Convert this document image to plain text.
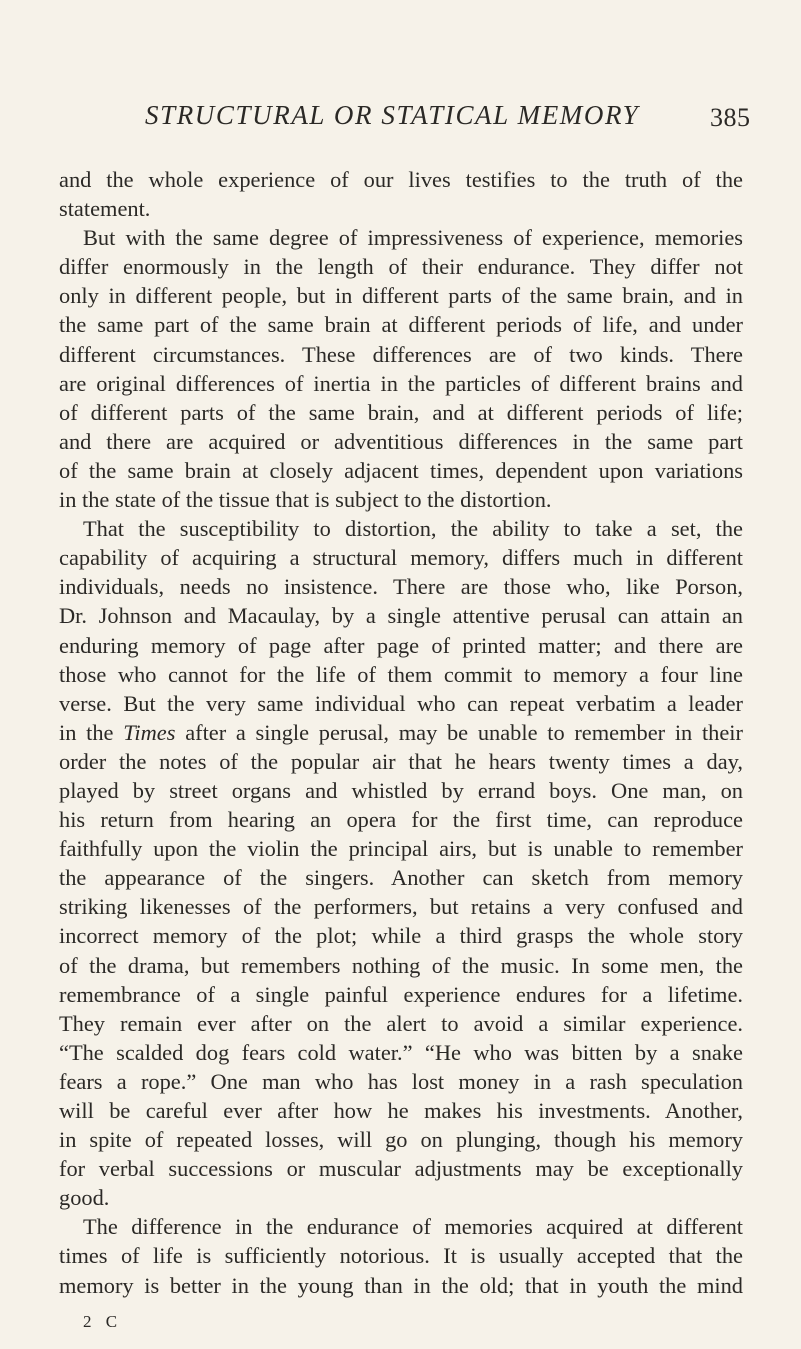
STRUCTURAL OR STATICAL MEMORY	385
and the whole experience of our lives testifies to the truth of the
statement.
But with the same degree of impressiveness of experience, memories
differ enormously in the length of their endurance. They differ not
only in different people, but in different parts of the same brain, and in
the same part of the same brain at different periods of life, and under
different circumstances. These differences are of two kinds. There
are original differences of inertia in the particles of different brains and
of different parts of the same brain, and at different periods of life;
and there are acquired or adventitious differences in the same part
of the same brain at closely adjacent times, dependent upon variations
in the state of the tissue that is subject to the distortion.
That the susceptibility to distortion, the ability to take a set, the
capability of acquiring a structural memory, differs much in different
individuals, needs no insistence. There are those who, like Porson,
Dr. Johnson and Macaulay, by a single attentive perusal can attain an
enduring memory of page after page of printed matter; and there are
those who cannot for the life of them commit to memory a four line
verse. But the very same individual who can repeat verbatim a leader
in the Times after a single perusal, may be unable to remember in their
order the notes of the popular air that he hears twenty times a day,
played by street organs and whistled by errand boys. One man, on
his return from hearing an opera for the first time, can reproduce
faithfully upon the violin the principal airs, but is unable to remember
the appearance of the singers. Another can sketch from memory
striking likenesses of the performers, but retains a very confused and
incorrect memory of the plot; while a third grasps the whole story
of the drama, but remembers nothing of the music. In some men, the
remembrance of a single painful experience endures for a lifetime.
They remain ever after on the alert to avoid a similar experience.
“The scalded dog fears cold water.” “He who was bitten by a snake
fears a rope.” One man who has lost money in a rash speculation
will be careful ever after how he makes his investments. Another,
in spite of repeated losses, will go on plunging, though his memory
for verbal successions or muscular adjustments may be exceptionally
good.
The difference in the endurance of memories acquired at different
times of life is sufficiently notorious. It is usually accepted that the
memory is better in the young than in the old; that in youth the mind
2 C
